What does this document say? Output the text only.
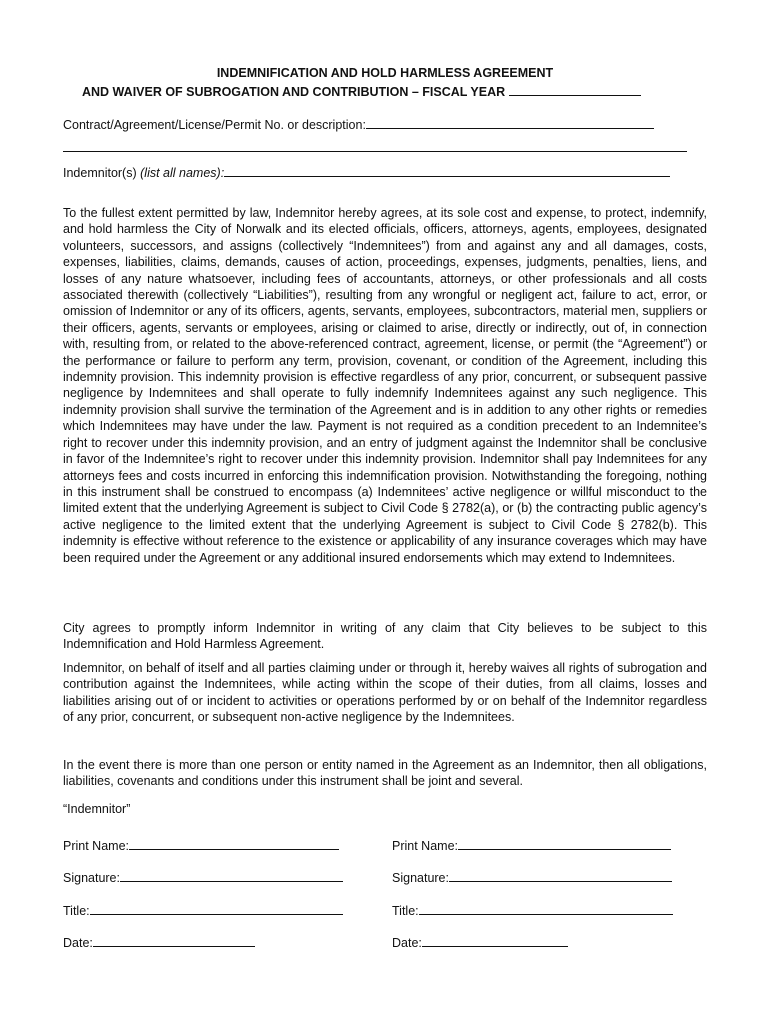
INDEMNIFICATION AND HOLD HARMLESS AGREEMENT
AND WAIVER OF SUBROGATION AND CONTRIBUTION – FISCAL YEAR
Contract/Agreement/License/Permit No. or description:
Indemnitor(s) (list all names):

To the fullest extent permitted by law, Indemnitor hereby agrees, at its sole cost and expense, to protect, indemnify, and hold harmless the City of Norwalk and its elected officials, officers, attorneys, agents, employees, designated volunteers, successors, and assigns (collectively “Indemnitees”) from and against any and all damages, costs, expenses, liabilities, claims, demands, causes of action, proceedings, expenses, judgments, penalties, liens, and losses of any nature whatsoever, including fees of accountants, attorneys, or other professionals and all costs associated therewith (collectively “Liabilities”), resulting from any wrongful or negligent act, failure to act, error, or omission of Indemnitor or any of its officers, agents, servants, employees, subcontractors, material men, suppliers or their officers, agents, servants or employees, arising or claimed to arise, directly or indirectly, out of, in connection with, resulting from, or related to the above-referenced contract, agreement, license, or permit (the “Agreement”) or the performance or failure to perform any term, provision, covenant, or condition of the Agreement, including this indemnity provision. This indemnity provision is effective regardless of any prior, concurrent, or subsequent passive negligence by Indemnitees and shall operate to fully indemnify Indemnitees against any such negligence. This indemnity provision shall survive the termination of the Agreement and is in addition to any other rights or remedies which Indemnitees may have under the law. Payment is not required as a condition precedent to an Indemnitee’s right to recover under this indemnity provision, and an entry of judgment against the Indemnitor shall be conclusive in favor of the Indemnitee’s right to recover under this indemnity provision. Indemnitor shall pay Indemnitees for any attorneys fees and costs incurred in enforcing this indemnification provision. Notwithstanding the foregoing, nothing in this instrument shall be construed to encompass (a) Indemnitees’ active negligence or willful misconduct to the limited extent that the underlying Agreement is subject to Civil Code § 2782(a), or (b) the contracting public agency’s active negligence to the limited extent that the underlying Agreement is subject to Civil Code § 2782(b). This indemnity is effective without reference to the existence or applicability of any insurance coverages which may have been required under the Agreement or any additional insured endorsements which may extend to Indemnitees.

City agrees to promptly inform Indemnitor in writing of any claim that City believes to be subject to this Indemnification and Hold Harmless Agreement.

Indemnitor, on behalf of itself and all parties claiming under or through it, hereby waives all rights of subrogation and contribution against the Indemnitees, while acting within the scope of their duties, from all claims, losses and liabilities arising out of or incident to activities or operations performed by or on behalf of the Indemnitor regardless of any prior, concurrent, or subsequent non-active negligence by the Indemnitees.

In the event there is more than one person or entity named in the Agreement as an Indemnitor, then all obligations, liabilities, covenants and conditions under this instrument shall be joint and several.

“Indemnitor”
Print Name:
Signature:
Title:
Date:
Print Name:
Signature:
Title:
Date:
